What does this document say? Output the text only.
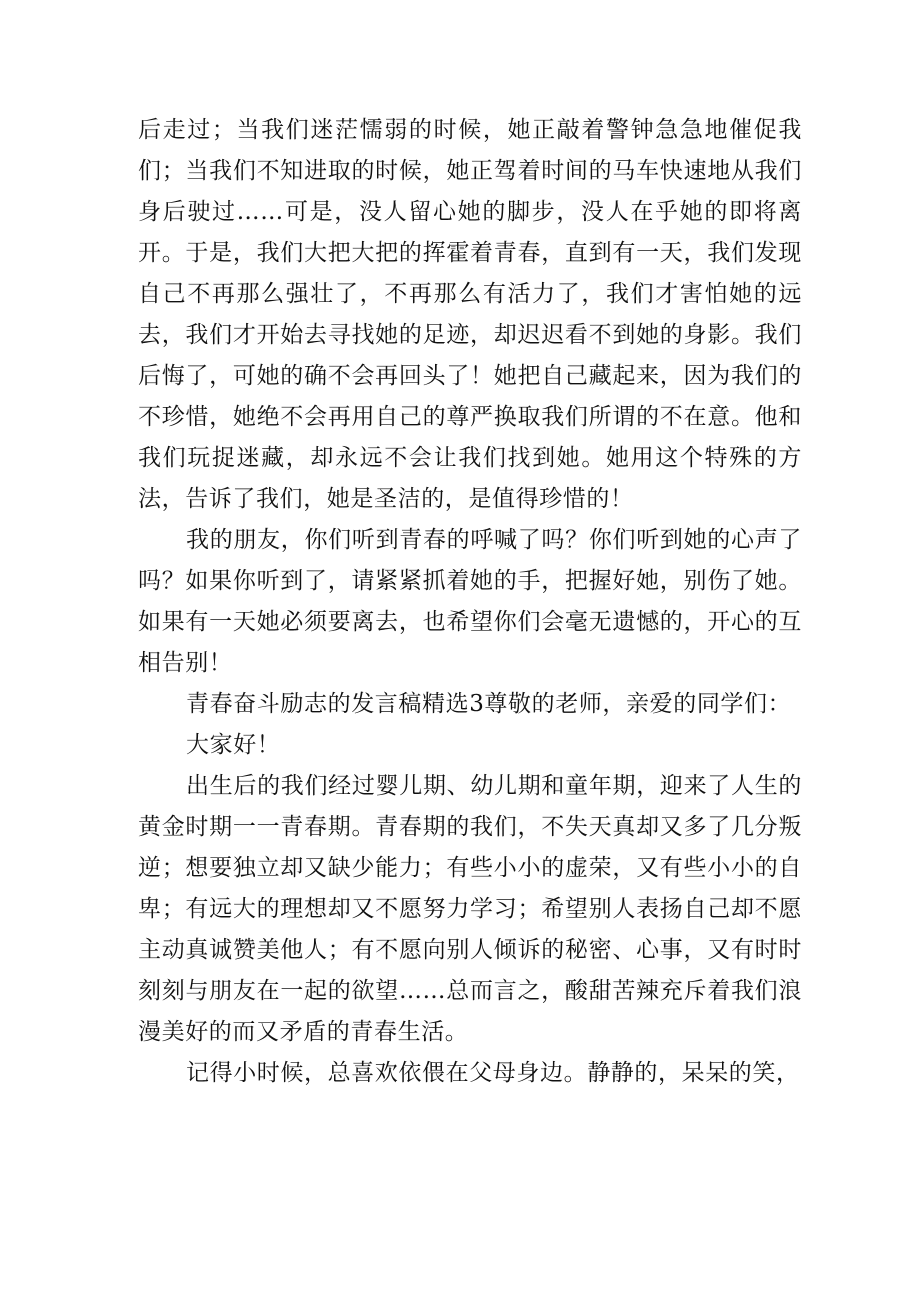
后走过；当我们迷茫懦弱的时候，她正敲着警钟急急地催促我们；当我们不知进取的时候，她正驾着时间的马车快速地从我们身后驶过……可是，没人留心她的脚步，没人在乎她的即将离开。于是，我们大把大把的挥霍着青春，直到有一天，我们发现自己不再那么强壮了，不再那么有活力了，我们才害怕她的远去，我们才开始去寻找她的足迹，却迟迟看不到她的身影。我们后悔了，可她的确不会再回头了！她把自己藏起来，因为我们的不珍惜，她绝不会再用自己的尊严换取我们所谓的不在意。他和我们玩捉迷藏，却永远不会让我们找到她。她用这个特殊的方法，告诉了我们，她是圣洁的，是值得珍惜的！

我的朋友，你们听到青春的呼喊了吗？你们听到她的心声了吗？如果你听到了，请紧紧抓着她的手，把握好她，别伤了她。如果有一天她必须要离去，也希望你们会毫无遗憾的，开心的互相告别！

青春奋斗励志的发言稿精选3尊敬的老师，亲爱的同学们：

大家好！

出生后的我们经过婴儿期、幼儿期和童年期，迎来了人生的黄金时期一一青春期。青春期的我们，不失天真却又多了几分叛逆；想要独立却又缺少能力；有些小小的虚荣，又有些小小的自卑；有远大的理想却又不愿努力学习；希望别人表扬自己却不愿主动真诚赞美他人；有不愿向别人倾诉的秘密、心事，又有时时刻刻与朋友在一起的欲望……总而言之，酸甜苦辣充斥着我们浪漫美好的而又矛盾的青春生活。

记得小时候，总喜欢依偎在父母身边。静静的，呆呆的笑，
